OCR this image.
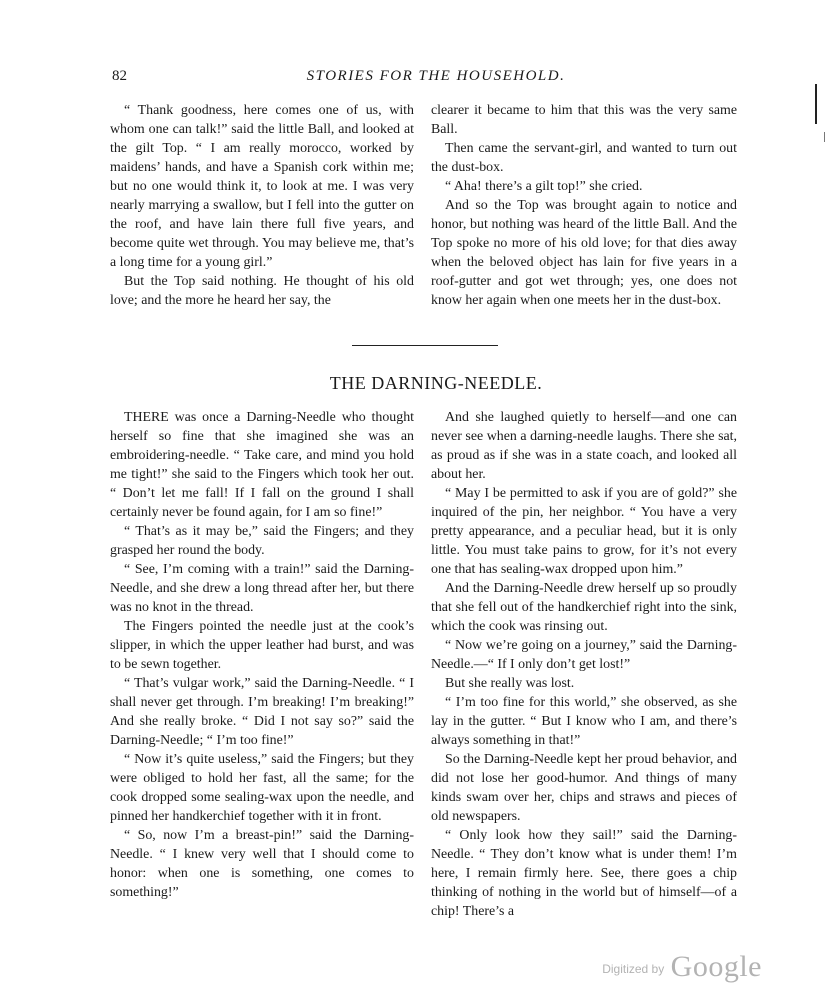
82	STORIES FOR THE HOUSEHOLD.

“ Thank goodness, here comes one of us, with whom one can talk!” said the little Ball, and looked at the gilt Top. “ I am really morocco, worked by maidens’ hands, and have a Spanish cork within me; but no one would think it, to look at me. I was very nearly marrying a swallow, but I fell into the gutter on the roof, and have lain there full five years, and become quite wet through. You may believe me, that’s a long time for a young girl.”

But the Top said nothing. He thought of his old love; and the more he heard her say, the

clearer it became to him that this was the very same Ball.

Then came the servant-girl, and wanted to turn out the dust-box.

“ Aha! there’s a gilt top!” she cried.

And so the Top was brought again to notice and honor, but nothing was heard of the little Ball. And the Top spoke no more of his old love; for that dies away when the beloved object has lain for five years in a roof-gutter and got wet through; yes, one does not know her again when one meets her in the dust-box.

THE DARNING-NEEDLE.

THERE was once a Darning-Needle who thought herself so fine that she imagined she was an embroidering-needle. “ Take care, and mind you hold me tight!” she said to the Fingers which took her out. “ Don’t let me fall! If I fall on the ground I shall certainly never be found again, for I am so fine!”

“ That’s as it may be,” said the Fingers; and they grasped her round the body.

“ See, I’m coming with a train!” said the Darning-Needle, and she drew a long thread after her, but there was no knot in the thread.

The Fingers pointed the needle just at the cook’s slipper, in which the upper leather had burst, and was to be sewn together.

“ That’s vulgar work,” said the Darning-Needle. “ I shall never get through. I’m breaking! I’m breaking!” And she really broke. “ Did I not say so?” said the Darning-Needle; “ I’m too fine!”

“ Now it’s quite useless,” said the Fingers; but they were obliged to hold her fast, all the same; for the cook dropped some sealing-wax upon the needle, and pinned her handkerchief together with it in front.

“ So, now I’m a breast-pin!” said the Darning-Needle. “ I knew very well that I should come to honor: when one is something, one comes to something!”

And she laughed quietly to herself—and one can never see when a darning-needle laughs. There she sat, as proud as if she was in a state coach, and looked all about her.

“ May I be permitted to ask if you are of gold?” she inquired of the pin, her neighbor. “ You have a very pretty appearance, and a peculiar head, but it is only little. You must take pains to grow, for it’s not every one that has sealing-wax dropped upon him.”

And the Darning-Needle drew herself up so proudly that she fell out of the handkerchief right into the sink, which the cook was rinsing out.

“ Now we’re going on a journey,” said the Darning-Needle.—“ If I only don’t get lost!”

But she really was lost.

“ I’m too fine for this world,” she observed, as she lay in the gutter. “ But I know who I am, and there’s always something in that!”

So the Darning-Needle kept her proud behavior, and did not lose her good-humor. And things of many kinds swam over her, chips and straws and pieces of old newspapers.

“ Only look how they sail!” said the Darning-Needle. “ They don’t know what is under them! I’m here, I remain firmly here. See, there goes a chip thinking of nothing in the world but of himself—of a chip! There’s a

Digitized by Google
